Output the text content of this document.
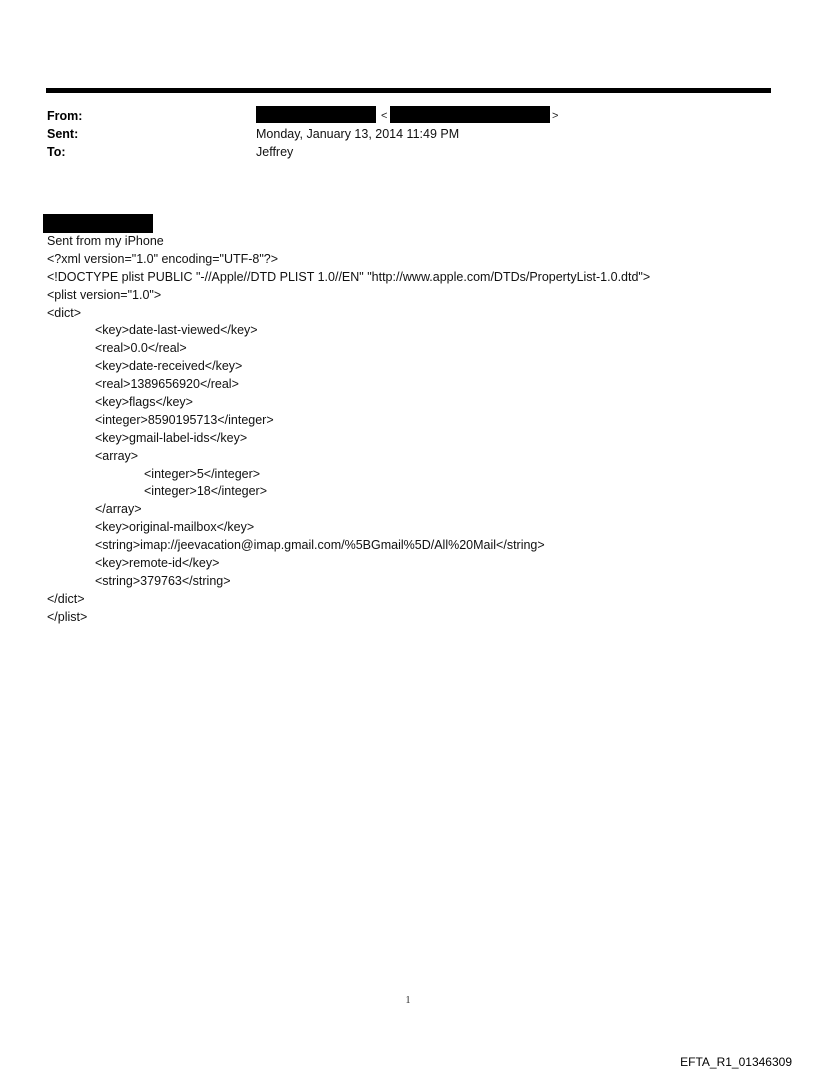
From:
Sent:
To:
<	>
Monday, January 13, 2014 11:49 PM
Jeffrey
Sent from my iPhone
<?xml version="1.0" encoding="UTF-8"?>
<!DOCTYPE plist PUBLIC "-//Apple//DTD PLIST 1.0//EN" "http://www.apple.com/DTDs/PropertyList-1.0.dtd">
<plist version="1.0">
<dict>
<key>date-last-viewed</key>
<real>0.0</real>
<key>date-received</key>
<real>1389656920</real>
<key>flags</key>
<integer>8590195713</integer>
<key>gmail-label-ids</key>
<array>
<integer>5</integer>
<integer>18</integer>
</array>
<key>original-mailbox</key>
<string>imap://jeevacation@imap.gmail.com/%5BGmail%5D/All%20Mail</string>
<key>remote-id</key>
<string>379763</string>
</dict>
</plist>
1
EFTA_R1_01346309
